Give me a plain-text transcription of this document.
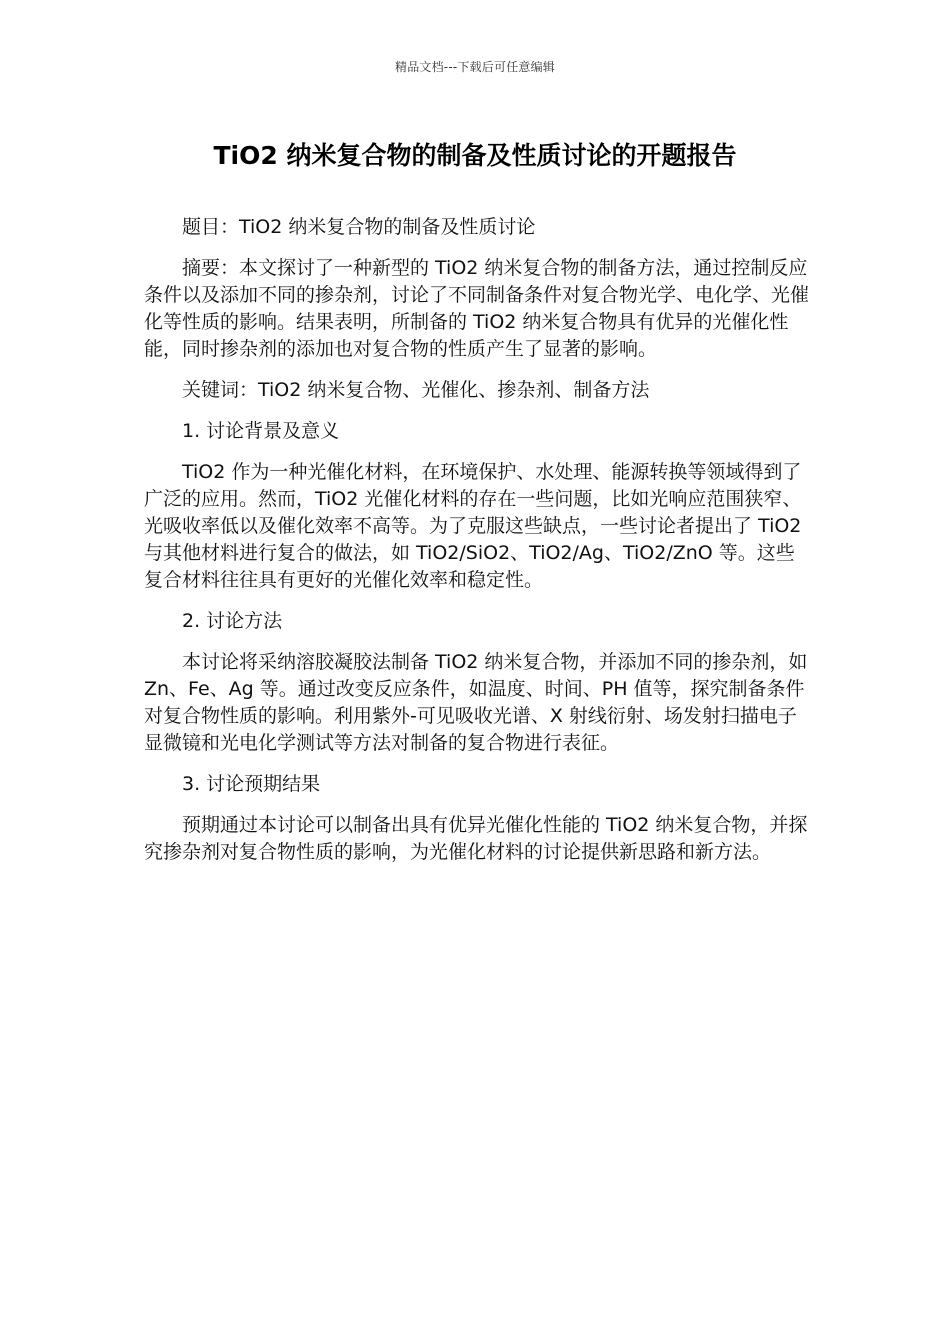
精品文档---下载后可任意编辑
TiO2 纳米复合物的制备及性质讨论的开题报告

题目：TiO2 纳米复合物的制备及性质讨论

摘要：本文探讨了一种新型的 TiO2 纳米复合物的制备方法，通过控制反应条件以及添加不同的掺杂剂，讨论了不同制备条件对复合物光学、电化学、光催化等性质的影响。结果表明，所制备的 TiO2 纳米复合物具有优异的光催化性能，同时掺杂剂的添加也对复合物的性质产生了显著的影响。

关键词：TiO2 纳米复合物、光催化、掺杂剂、制备方法

1. 讨论背景及意义

TiO2 作为一种光催化材料，在环境保护、水处理、能源转换等领域得到了广泛的应用。然而，TiO2 光催化材料的存在一些问题，比如光响应范围狭窄、光吸收率低以及催化效率不高等。为了克服这些缺点，一些讨论者提出了 TiO2 与其他材料进行复合的做法，如 TiO2/SiO2、TiO2/Ag、TiO2/ZnO 等。这些复合材料往往具有更好的光催化效率和稳定性。

2. 讨论方法

本讨论将采纳溶胶凝胶法制备 TiO2 纳米复合物，并添加不同的掺杂剂，如 Zn、Fe、Ag 等。通过改变反应条件，如温度、时间、PH 值等，探究制备条件对复合物性质的影响。利用紫外-可见吸收光谱、X 射线衍射、场发射扫描电子显微镜和光电化学测试等方法对制备的复合物进行表征。

3. 讨论预期结果

预期通过本讨论可以制备出具有优异光催化性能的 TiO2 纳米复合物，并探究掺杂剂对复合物性质的影响，为光催化材料的讨论提供新思路和新方法。
